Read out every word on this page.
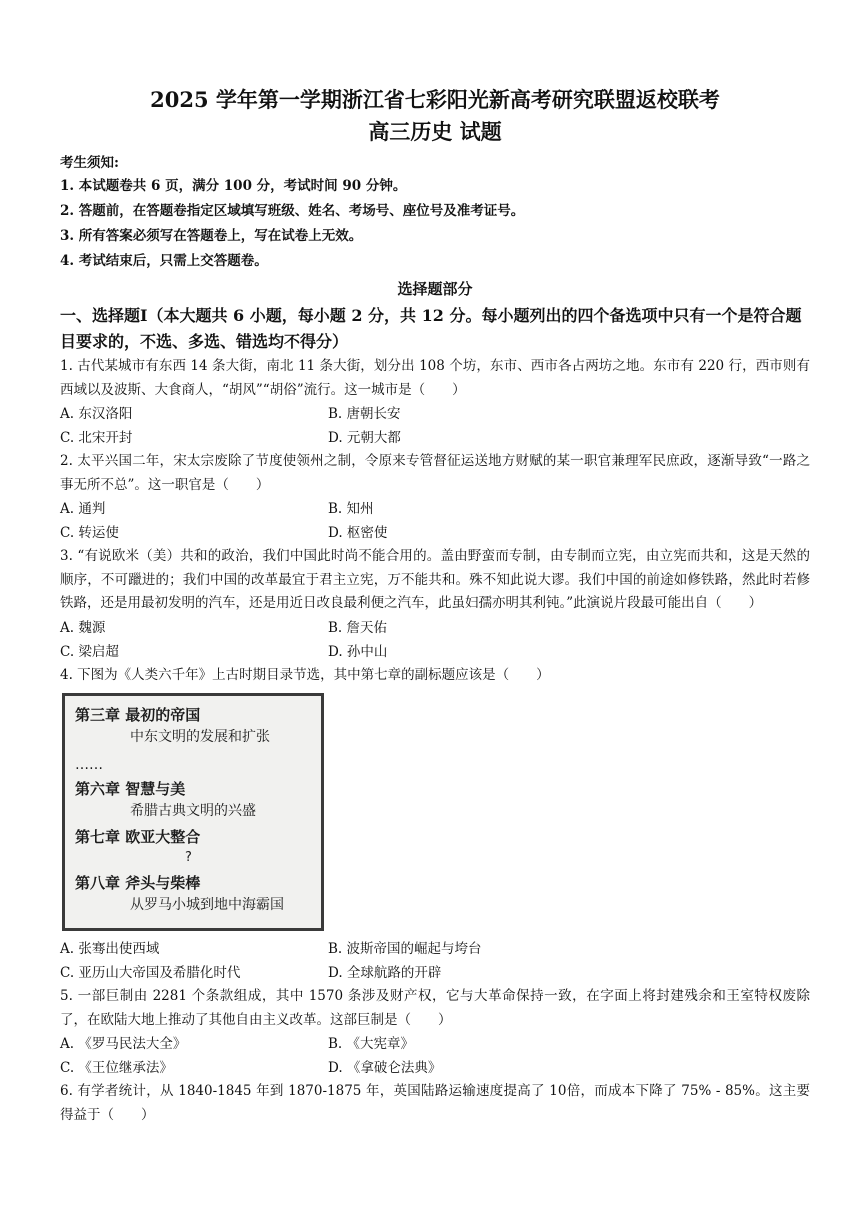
2025 学年第一学期浙江省七彩阳光新高考研究联盟返校联考
高三历史 试题
考生须知:
1. 本试题卷共 6 页，满分 100 分，考试时间 90 分钟。
2. 答题前，在答题卷指定区域填写班级、姓名、考场号、座位号及准考证号。
3. 所有答案必须写在答题卷上，写在试卷上无效。
4. 考试结束后，只需上交答题卷。
选择题部分
一、选择题Ⅰ（本大题共 6 小题，每小题 2 分，共 12 分。每小题列出的四个备选项中只有一个是符合题目要求的，不选、多选、错选均不得分）
1. 古代某城市有东西 14 条大街，南北 11 条大街，划分出 108 个坊，东市、西市各占两坊之地。东市有 220 行，西市则有西域以及波斯、大食商人，“胡风”“胡俗”流行。这一城市是（　　）
A. 东汉洛阳	B. 唐朝长安
C. 北宋开封	D. 元朝大都
2. 太平兴国二年，宋太宗废除了节度使领州之制，令原来专管督征运送地方财赋的某一职官兼理军民庶政，逐渐导致“一路之事无所不总”。这一职官是（　　）
A. 通判	B. 知州
C. 转运使	D. 枢密使
3. “有说欧米（美）共和的政治，我们中国此时尚不能合用的。盖由野蛮而专制，由专制而立宪，由立宪而共和，这是天然的顺序，不可躐进的；我们中国的改革最宜于君主立宪，万不能共和。殊不知此说大谬。我们中国的前途如修铁路，然此时若修铁路，还是用最初发明的汽车，还是用近日改良最利便之汽车，此虽妇孺亦明其利钝。”此演说片段最可能出自（　　）
A. 魏源	B. 詹天佑
C. 梁启超	D. 孙中山
4. 下图为《人类六千年》上古时期目录节选，其中第七章的副标题应该是（　　）
第三章 最初的帝国
中东文明的发展和扩张
……
第六章 智慧与美
希腊古典文明的兴盛
第七章 欧亚大整合
?
第八章 斧头与柴棒
从罗马小城到地中海霸国
A. 张骞出使西域	B. 波斯帝国的崛起与垮台
C. 亚历山大帝国及希腊化时代	D. 全球航路的开辟
5. 一部巨制由 2281 个条款组成，其中 1570 条涉及财产权，它与大革命保持一致，在字面上将封建残余和王室特权废除了，在欧陆大地上推动了其他自由主义改革。这部巨制是（　　）
A. 《罗马民法大全》	B. 《大宪章》
C. 《王位继承法》	D. 《拿破仑法典》
6. 有学者统计，从 1840-1845 年到 1870-1875 年，英国陆路运输速度提高了 10倍，而成本下降了 75% - 85%。这主要得益于（　　）
